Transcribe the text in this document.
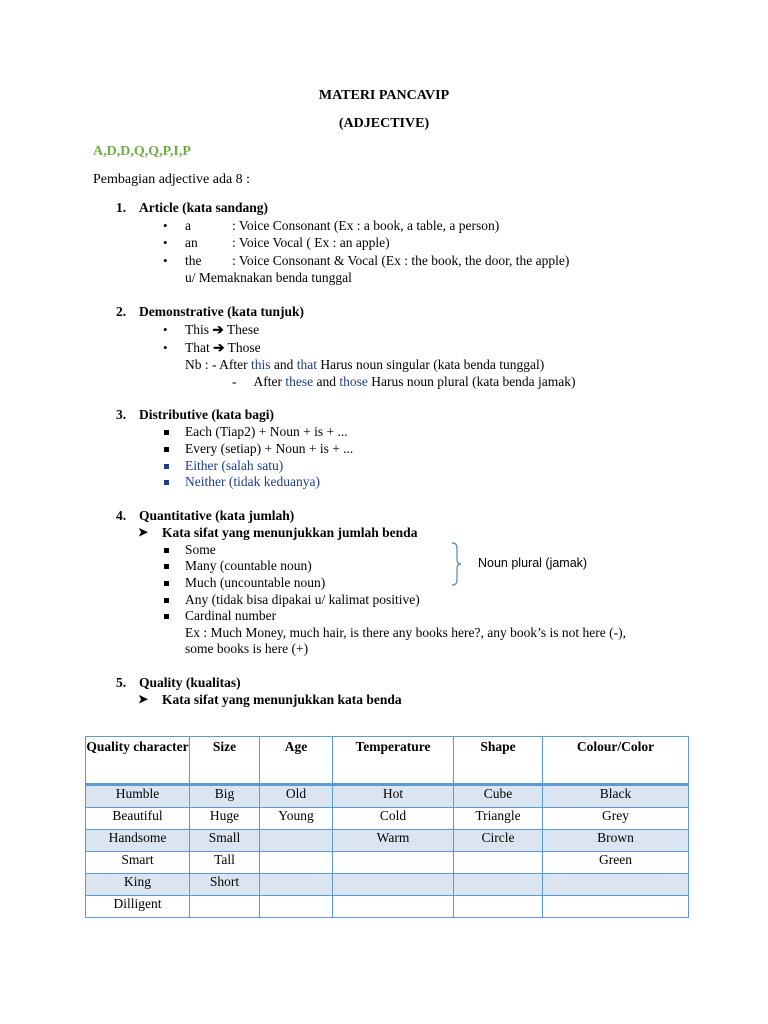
MATERI PANCAVIP
(ADJECTIVE)
A,D,D,Q,Q,P,I,P
Pembagian adjective ada 8 :
1. Article (kata sandang)
• a	: Voice Consonant (Ex : a book, a table, a person)
• an	: Voice Vocal ( Ex : an apple)
• the : Voice Consonant & Vocal (Ex : the book, the door, the apple)
u/ Memaknakan benda tunggal
2. Demonstrative (kata tunjuk)
• This ➔ These
• That ➔ Those
Nb : - After this and that Harus noun singular (kata benda tunggal)
- After these and those Harus noun plural (kata benda jamak)
3. Distributive (kata bagi)
Each (Tiap2) + Noun + is + ...
Every (setiap) + Noun + is + ...
Either (salah satu)
Neither (tidak keduanya)
4. Quantitative (kata jumlah)
➤ Kata sifat yang menunjukkan jumlah benda
Some
Many (countable noun)
Much (uncountable noun)
Any (tidak bisa dipakai u/ kalimat positive)
Cardinal number
Ex : Much Money, much hair, is there any books here?, any book’s is not here (-),
some books is here (+)
Noun plural (jamak)
5. Quality (kualitas)
➤ Kata sifat yang menunjukkan kata benda
Quality character	Size	Age	Temperature	Shape	Colour/Color
Humble	Big	Old	Hot	Cube	Black
Beautiful	Huge	Young	Cold	Triangle	Grey
Handsome	Small		Warm	Circle	Brown
Smart	Tall				Green
King	Short				
Dilligent					
